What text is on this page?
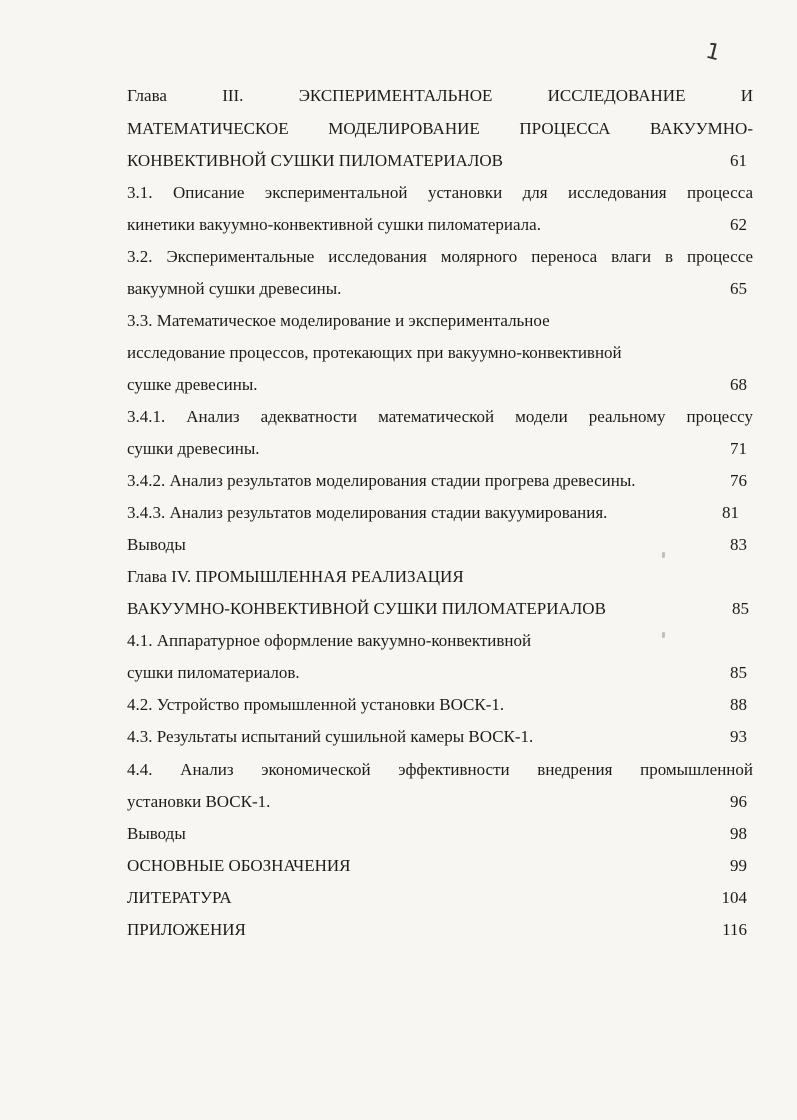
1
Глава III. ЭКСПЕРИМЕНТАЛЬНОЕ ИССЛЕДОВАНИЕ И
МАТЕМАТИЧЕСКОЕ МОДЕЛИРОВАНИЕ ПРОЦЕССА ВАКУУМНО-
КОНВЕКТИВНОЙ СУШКИ ПИЛОМАТЕРИАЛОВ	61
3.1. Описание экспериментальной установки для исследования процесса
кинетики вакуумно-конвективной сушки пиломатериала.	62
3.2. Экспериментальные исследования молярного переноса влаги в процессе
вакуумной сушки древесины.	65
3.3. Математическое моделирование и экспериментальное
исследование процессов, протекающих при вакуумно-конвективной
сушке древесины.	68
3.4.1. Анализ адекватности математической модели реальному процессу
сушки древесины.	71
3.4.2. Анализ результатов моделирования стадии прогрева древесины.	76
3.4.3. Анализ результатов моделирования стадии вакуумирования.	81
Выводы	83
Глава IV. ПРОМЫШЛЕННАЯ РЕАЛИЗАЦИЯ
ВАКУУМНО-КОНВЕКТИВНОЙ СУШКИ ПИЛОМАТЕРИАЛОВ	85
4.1. Аппаратурное оформление вакуумно-конвективной
сушки пиломатериалов.	85
4.2. Устройство промышленной установки ВОСК-1.	88
4.3. Результаты испытаний сушильной камеры ВОСК-1.	93
4.4. Анализ экономической эффективности внедрения промышленной
установки ВОСК-1.	96
Выводы	98
ОСНОВНЫЕ ОБОЗНАЧЕНИЯ	99
ЛИТЕРАТУРА	104
ПРИЛОЖЕНИЯ	116
